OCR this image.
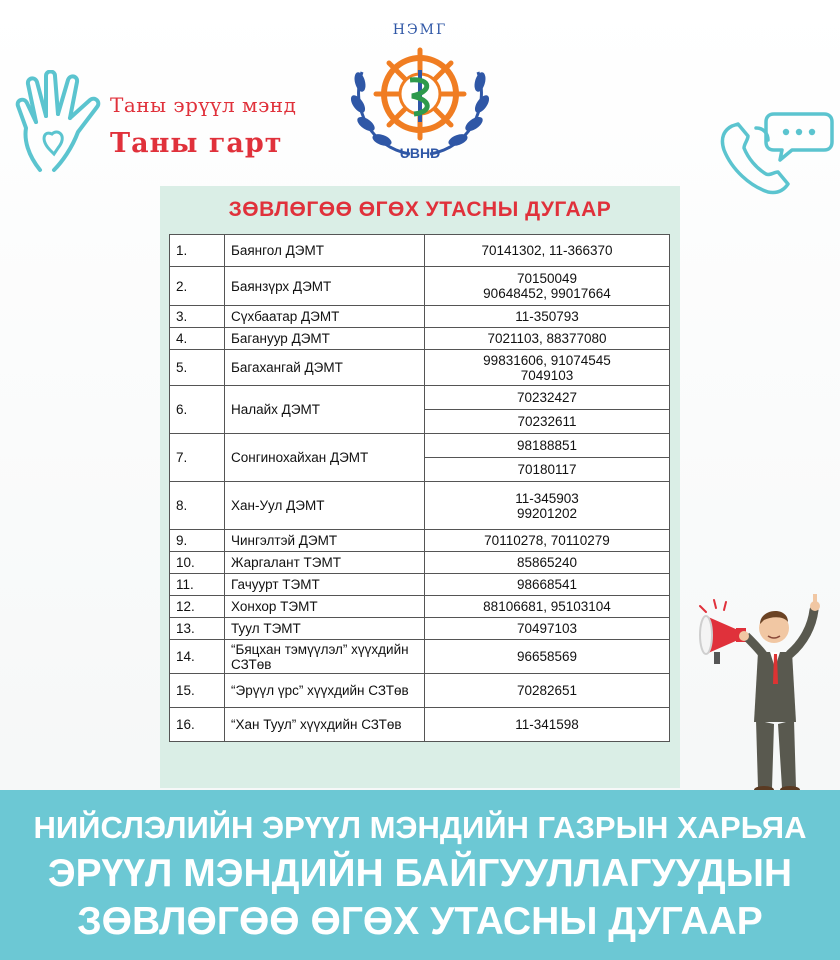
Таны эрүүл мэнд
Таны гарт
НЭМГ
UBHD
ЗӨВЛӨГӨӨ ӨГӨХ УТАСНЫ ДУГААР
1.	Баянгол ДЭМТ	70141302, 11-366370
2.	Баянзүрх ДЭМТ	70150049
90648452, 99017664
3.	Сүхбаатар ДЭМТ	11-350793
4.	Багануур ДЭМТ	7021103, 88377080
5.	Багахангай ДЭМТ	99831606, 91074545
7049103
6.	Налайх ДЭМТ	70232427
		70232611
7.	Сонгинохайхан ДЭМТ	98188851
		70180117
8.	Хан-Уул ДЭМТ	11-345903
99201202
9.	Чингэлтэй ДЭМТ	70110278, 70110279
10.	Жаргалант ТЭМТ	85865240
11.	Гачуурт ТЭМТ	98668541
12.	Хонхор ТЭМТ	88106681, 95103104
13.	Туул ТЭМТ	70497103
14.	“Бяцхан тэмүүлэл” хүүхдийн СЗТөв	96658569
15.	“Эрүүл үрс” хүүхдийн СЗТөв	70282651
16.	“Хан Туул” хүүхдийн СЗТөв	11-341598
НИЙСЛЭЛИЙН ЭРҮҮЛ МЭНДИЙН ГАЗРЫН ХАРЬЯА
ЭРҮҮЛ МЭНДИЙН БАЙГУУЛЛАГУУДЫН
ЗӨВЛӨГӨӨ ӨГӨХ УТАСНЫ ДУГААР
